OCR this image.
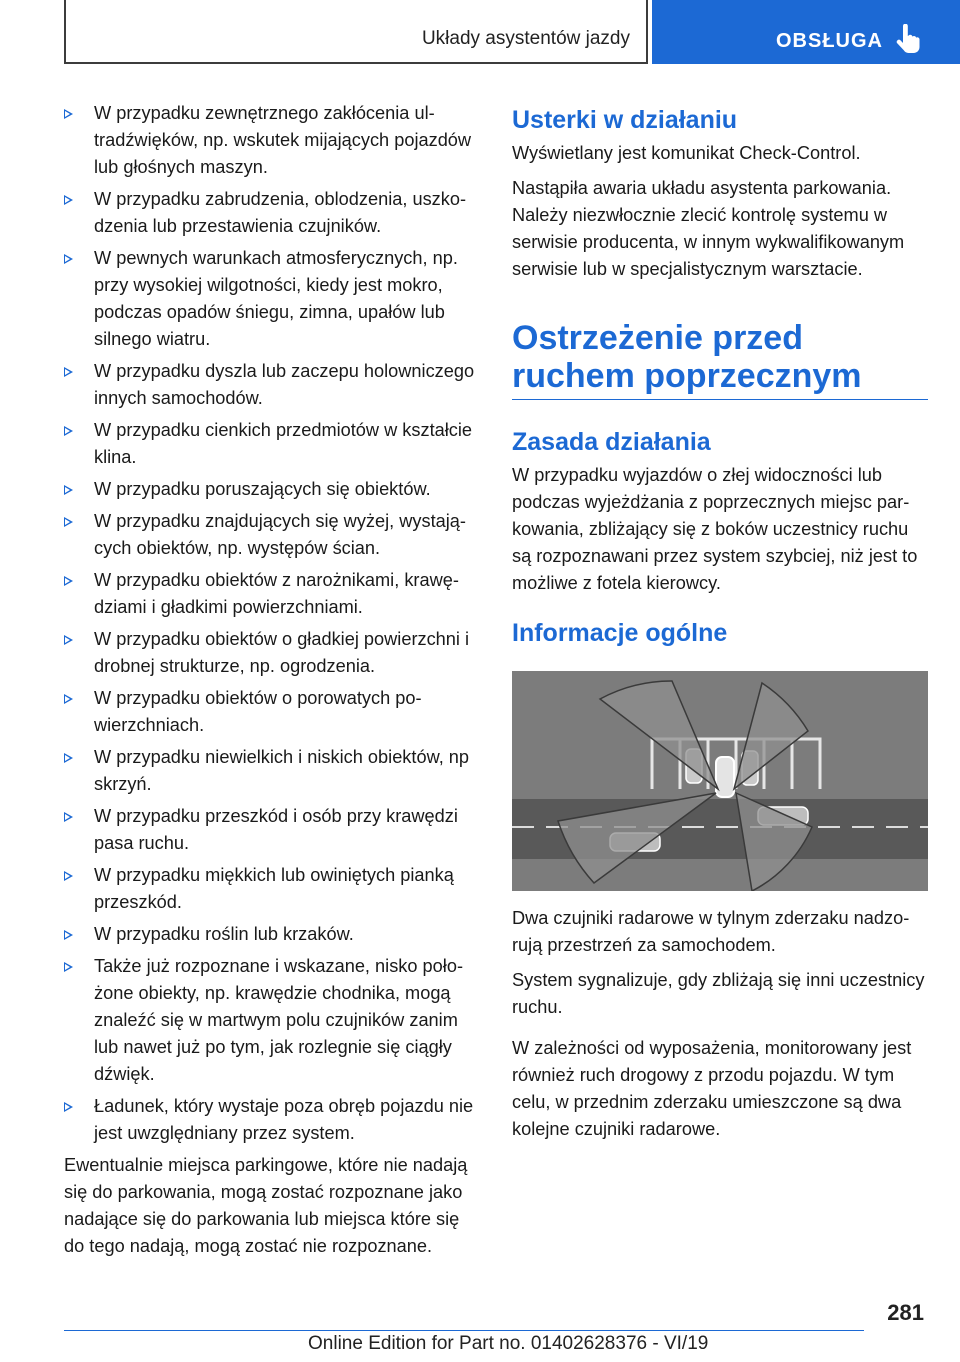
Układy asystentów jazdy	OBSŁUGA
W przypadku zewnętrznego zakłócenia ultradźwięków, np. wskutek mijających pojazdów lub głośnych maszyn.
W przypadku zabrudzenia, oblodzenia, uszkodzenia lub przestawienia czujników.
W pewnych warunkach atmosferycznych, np. przy wysokiej wilgotności, kiedy jest mokro, podczas opadów śniegu, zimna, upałów lub silnego wiatru.
W przypadku dyszla lub zaczepu holowniczego innych samochodów.
W przypadku cienkich przedmiotów w kształcie klina.
W przypadku poruszających się obiektów.
W przypadku znajdujących się wyżej, wystających obiektów, np. występów ścian.
W przypadku obiektów z narożnikami, krawędziami i gładkimi powierzchniami.
W przypadku obiektów o gładkiej powierzchni i drobnej strukturze, np. ogrodzenia.
W przypadku obiektów o porowatych powierzchniach.
W przypadku niewielkich i niskich obiektów, np skrzyń.
W przypadku przeszkód i osób przy krawędzi pasa ruchu.
W przypadku miękkich lub owiniętych pianką przeszkód.
W przypadku roślin lub krzaków.
Także już rozpoznane i wskazane, nisko położone obiekty, np. krawędzie chodnika, mogą znaleźć się w martwym polu czujników zanim lub nawet już po tym, jak rozlegnie się ciągły dźwięk.
Ładunek, który wystaje poza obręb pojazdu nie jest uwzględniany przez system.

Ewentualnie miejsca parkingowe, które nie nadają się do parkowania, mogą zostać rozpoznane jako nadające się do parkowania lub miejsca które się do tego nadają, mogą zostać nie rozpoznane.

Usterki w działaniu

Wyświetlany jest komunikat Check-Control.

Nastąpiła awaria układu asystenta parkowania. Należy niezwłocznie zlecić kontrolę systemu w serwisie producenta, w innym wykwalifikowanym serwisie lub w specjalistycznym warsztacie.

Ostrzeżenie przed ruchem poprzecznym
Zasada działania

W przypadku wyjazdów o złej widoczności lub podczas wyjeżdżania z poprzecznych miejsc parkowania, zbliżający się z boków uczestnicy ruchu są rozpoznawani przez system szybciej, niż jest to możliwe z fotela kierowcy.

Informacje ogólne

Dwa czujniki radarowe w tylnym zderzaku nadzorują przestrzeń za samochodem.

System sygnalizuje, gdy zbliżają się inni uczestnicy ruchu.

W zależności od wyposażenia, monitorowany jest również ruch drogowy z przodu pojazdu. W tym celu, w przednim zderzaku umieszczone są dwa kolejne czujniki radarowe.

281
Online Edition for Part no. 01402628376 - VI/19
